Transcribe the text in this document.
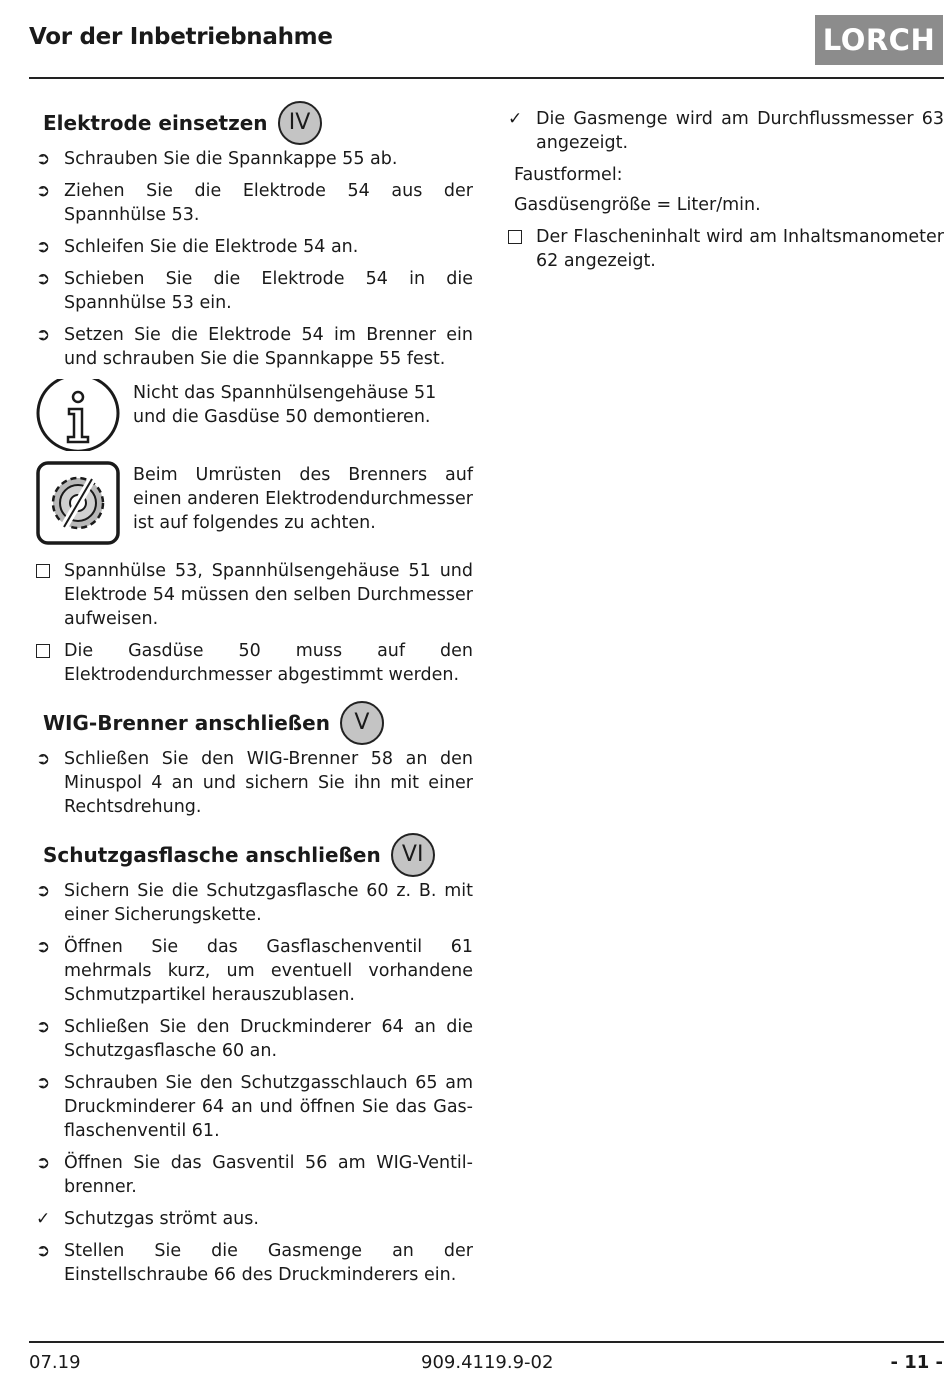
Vor der Inbetriebnahme	LORCH
Elektrode einsetzen IV
➲ Schrauben Sie die Spannkappe 55 ab.
➲ Ziehen Sie die Elektrode 54 aus der Spannhülse 53.
➲ Schleifen Sie die Elektrode 54 an.
➲ Schieben Sie die Elektrode 54 in die Spannhülse 53 ein.
➲ Setzen Sie die Elektrode 54 im Brenner ein und schrauben Sie die Spannkappe 55 fest.
Nicht das Spannhülsengehäuse 51 und die Gasdüse 50 demontieren.
Beim Umrüsten des Brenners auf einen anderen Elektrodendurchmesser ist auf folgendes zu achten.
Spannhülse 53, Spannhülsengehäuse 51 und Elektrode 54 müssen den selben Durchmesser aufweisen.
Die Gasdüse 50 muss auf den Elektrodendurchmesser abgestimmt werden.
WIG-Brenner anschließen	V
➲ Schließen Sie den WIG-Brenner 58 an den Minuspol 4 an und sichern Sie ihn mit einer Rechtsdrehung.
Schutzgasflasche anschließen VI
➲ Sichern Sie die Schutzgasflasche 60 z. B. mit einer Sicherungskette.
➲ Öffnen Sie das Gasflaschenventil 61 mehrmals kurz, um eventuell vorhandene Schmutzpartikel herauszublasen.
➲ Schließen Sie den Druckminderer 64 an die Schutzgasflasche 60 an.
➲ Schrauben Sie den Schutzgasschlauch 65 am Druckminderer 64 an und öffnen Sie das Gasflaschenventil 61.
➲ Öffnen Sie das Gasventil 56 am WIG-Ventilbrenner.
✓ Schutzgas strömt aus.
➲ Stellen Sie die Gasmenge an der Einstellschraube 66 des Druckminderers ein.
✓ Die Gasmenge wird am Durchflussmesser 63 angezeigt.
Faustformel:
Gasdüsengröße = Liter/min.
Der Flascheninhalt wird am Inhaltsmanometer 62 angezeigt.
07.19	909.4119.9-02	- 11 -
